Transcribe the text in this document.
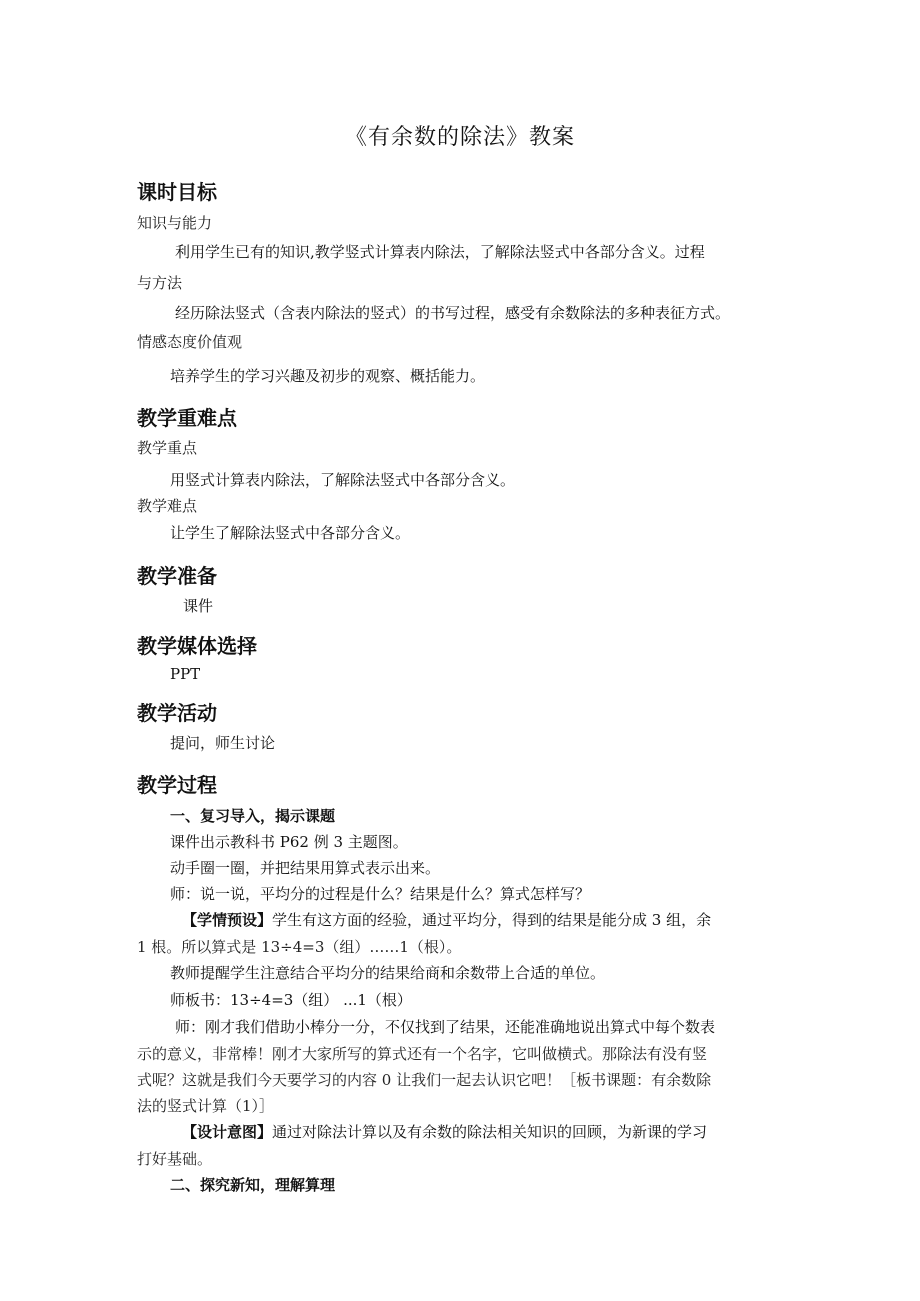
《有余数的除法》教案
课时目标
知识与能力
利用学生已有的知识,教学竖式计算表内除法，了解除法竖式中各部分含义。过程
与方法
经历除法竖式（含表内除法的竖式）的书写过程，感受有余数除法的多种表征方式。
情感态度价值观
培养学生的学习兴趣及初步的观察、概括能力。
教学重难点
教学重点
用竖式计算表内除法，了解除法竖式中各部分含义。
教学难点
让学生了解除法竖式中各部分含义。
教学准备
课件
教学媒体选择
PPT
教学活动
提问，师生讨论
教学过程
一、复习导入，揭示课题
课件出示教科书 P62 例 3 主题图。
动手圈一圈，并把结果用算式表示出来。
师：说一说，平均分的过程是什么？结果是什么？算式怎样写？
【学情预设】学生有这方面的经验，通过平均分，得到的结果是能分成 3 组，余
1 根。所以算式是 13÷4=3（组）……1（根）。
教师提醒学生注意结合平均分的结果给商和余数带上合适的单位。
师板书：13÷4=3（组） ...1（根）
师：刚才我们借助小棒分一分，不仅找到了结果，还能准确地说出算式中每个数表
示的意义，非常棒！刚才大家所写的算式还有一个名字，它叫做横式。那除法有没有竖
式呢？这就是我们今天要学习的内容 0 让我们一起去认识它吧！［板书课题：有余数除
法的竖式计算（1）］
【设计意图】通过对除法计算以及有余数的除法相关知识的回顾，为新课的学习
打好基础。
二、探究新知，理解算理
